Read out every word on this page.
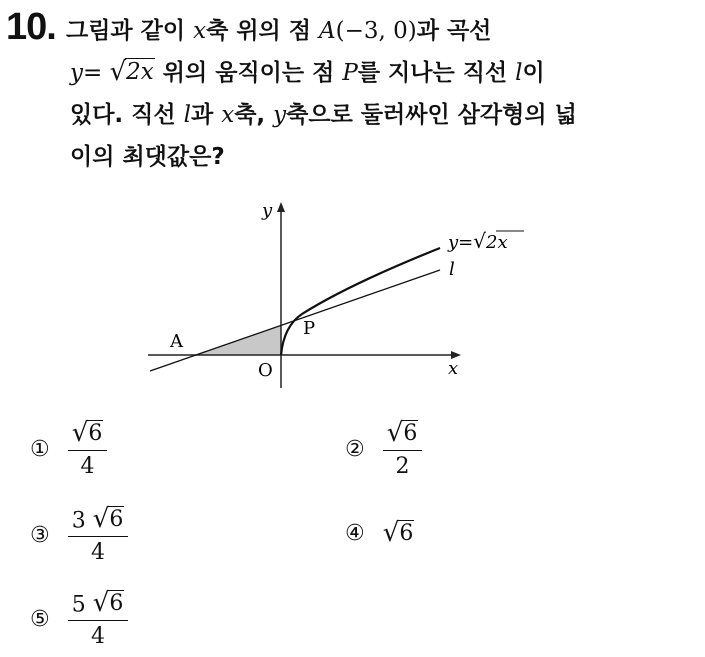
10. 그림과 같이 x축 위의 점 A(−3, 0)과 곡선
y= √ 2x 위의 움직이는 점 P를 지나는 직선 l이
있다. 직선 l과 x축, y축으로 둘러싸인 삼각형의 넓
이의 최댓값은?
y
x
O
A
P
y=√2x
l
① $\frac{√ 6}{4}$	② $\frac{√ 6}{2}$
③ $\frac{3 √ 6}{4}$	④ √ 6
⑤ $\frac{5 √ 6}{4}$
